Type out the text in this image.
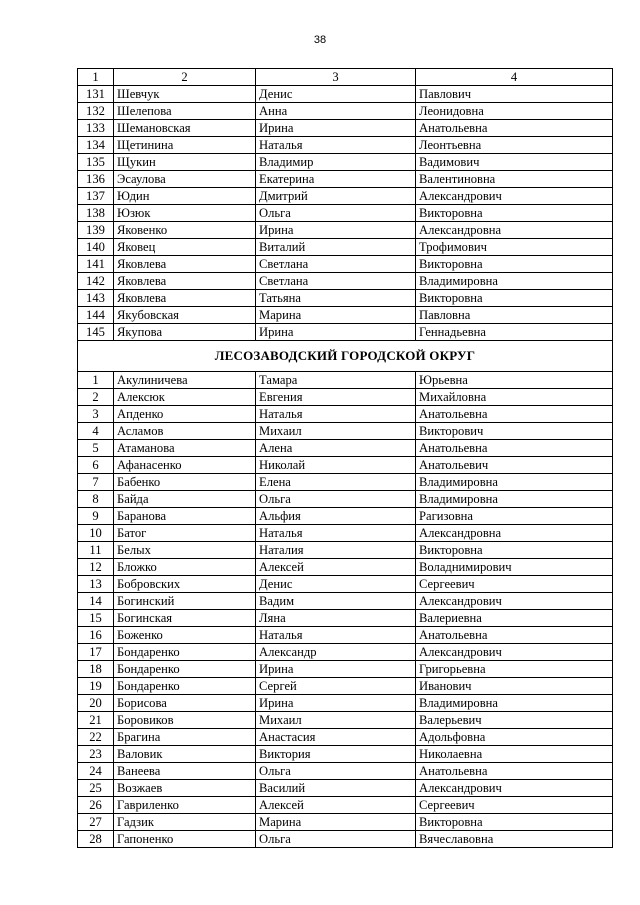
38
1	2	3	4
131	Шевчук	Денис	Павлович
132	Шелепова	Анна	Леонидовна
133	Шемановская	Ирина	Анатольевна
134	Щетинина	Наталья	Леонтьевна
135	Щукин	Владимир	Вадимович
136	Эсаулова	Екатерина	Валентиновна
137	Юдин	Дмитрий	Александрович
138	Юзюк	Ольга	Викторовна
139	Яковенко	Ирина	Александровна
140	Яковец	Виталий	Трофимович
141	Яковлева	Светлана	Викторовна
142	Яковлева	Светлана	Владимировна
143	Яковлева	Татьяна	Викторовна
144	Якубовская	Марина	Павловна
145	Якупова	Ирина	Геннадьевна
ЛЕСОЗАВОДСКИЙ ГОРОДСКОЙ ОКРУГ			
1	Акулиничева	Тамара	Юрьевна
2	Алексюк	Евгения	Михайловна
3	Апденко	Наталья	Анатольевна
4	Асламов	Михаил	Викторович
5	Атаманова	Алена	Анатольевна
6	Афанасенко	Николай	Анатольевич
7	Бабенко	Елена	Владимировна
8	Байда	Ольга	Владимировна
9	Баранова	Альфия	Рагизовна
10	Батог	Наталья	Александровна
11	Белых	Наталия	Викторовна
12	Бложко	Алексей	Воладнимирович
13	Бобровских	Денис	Сергеевич
14	Богинский	Вадим	Александрович
15	Богинская	Ляна	Валериевна
16	Боженко	Наталья	Анатольевна
17	Бондаренко	Александр	Александрович
18	Бондаренко	Ирина	Григорьевна
19	Бондаренко	Сергей	Иванович
20	Борисова	Ирина	Владимировна
21	Боровиков	Михаил	Валерьевич
22	Брагина	Анастасия	Адольфовна
23	Валовик	Виктория	Николаевна
24	Ванеева	Ольга	Анатольевна
25	Возжаев	Василий	Александрович
26	Гавриленко	Алексей	Сергеевич
27	Гадзик	Марина	Викторовна
28	Гапоненко	Ольга	Вячеславовна
